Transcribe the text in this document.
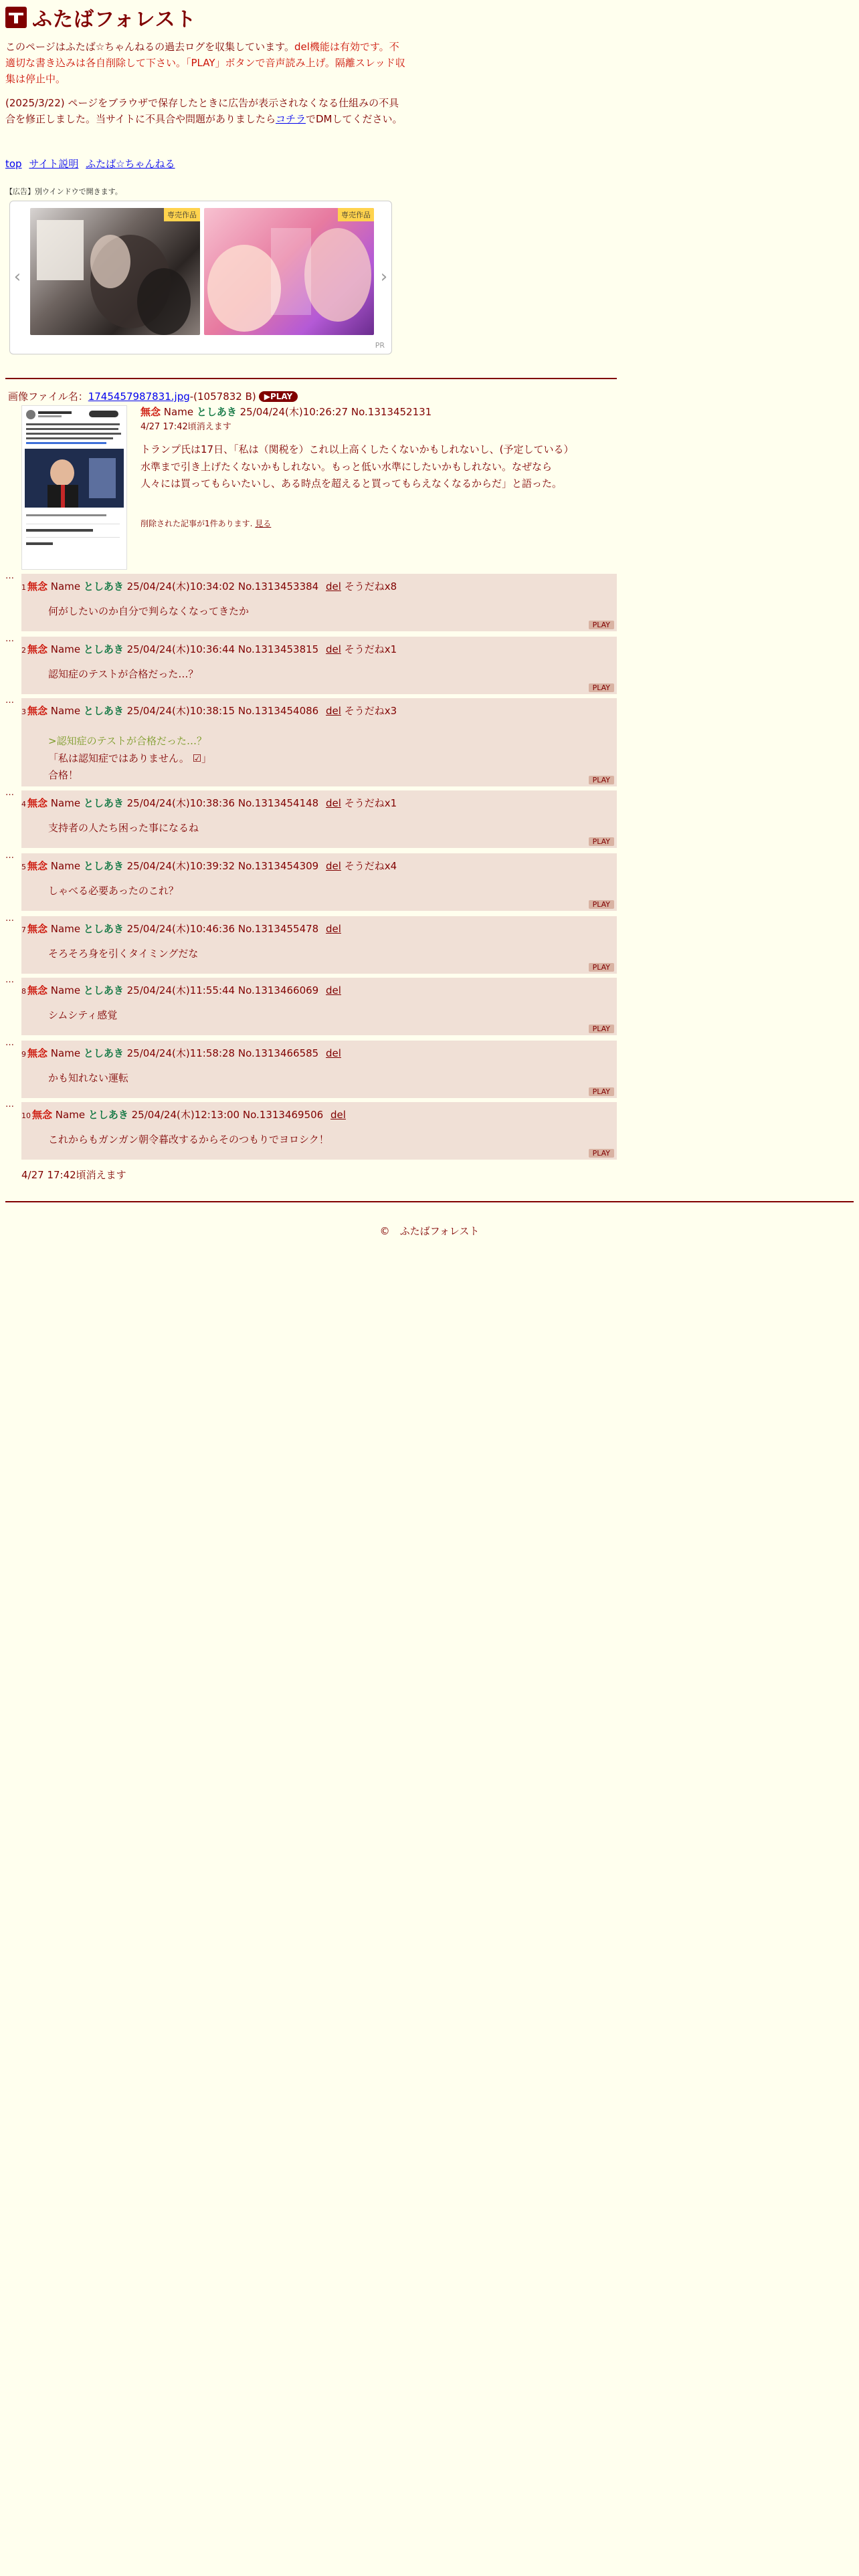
ふたばフォレスト
このページはふたば☆ちゃんねるの過去ログを収集しています。del機能は有効です。不適切な書き込みは各自削除して下さい。「PLAY」ボタンで音声読み上げ。隔離スレッド収集は停止中。
(2025/3/22) ページをブラウザで保存したときに広告が表示されなくなる仕組みの不具合を修正しました。当サイトに不具合や問題がありましたらコチラでDMしてください。
top サイト説明 ふたば☆ちゃんねる
【広告】別ウインドウで開きます。
‹
専売作品	専売作品
›
PR
画像ファイル名：1745457987831.jpg-(1057832 B) ▶PLAY
無念 Name としあき 25/04/24(木)10:26:27 No.1313452131
4/27 17:42頃消えます
トランプ氏は17日、「私は（関税を）これ以上高くしたくないかもしれないし、(予定している）水準まで引き上げたくないかもしれない。もっと低い水準にしたいかもしれない。なぜなら人々には買ってもらいたいし、ある時点を超えると買ってもらえなくなるからだ」と語った。
削除された記事が1件あります. 見る
…
1 無念 Name としあき 25/04/24(木)10:34:02 No.1313453384 del そうだねx8
何がしたいのか自分で判らなくなってきたか
PLAY
…
2 無念 Name としあき 25/04/24(木)10:36:44 No.1313453815 del そうだねx1
認知症のテストが合格だった…？
PLAY
…
3 無念 Name としあき 25/04/24(木)10:38:15 No.1313454086 del そうだねx3
>認知症のテストが合格だった…？
「私は認知症ではありません。 ☑」
合格！	PLAY
…
4 無念 Name としあき 25/04/24(木)10:38:36 No.1313454148 del そうだねx1
支持者の人たち困った事になるね
PLAY
…
5 無念 Name としあき 25/04/24(木)10:39:32 No.1313454309 del そうだねx4
しゃべる必要あったのこれ？
PLAY
…
7 無念 Name としあき 25/04/24(木)10:46:36 No.1313455478 del
そろそろ身を引くタイミングだな
PLAY
…
8 無念 Name としあき 25/04/24(木)11:55:44 No.1313466069 del
シムシティ感覚
PLAY
…
9 無念 Name としあき 25/04/24(木)11:58:28 No.1313466585 del
かも知れない運転
PLAY
…
10 無念 Name としあき 25/04/24(木)12:13:00 No.1313469506 del
これからもガンガン朝令暮改するからそのつもりでヨロシク！
PLAY
4/27 17:42頃消えます
©　ふたばフォレスト
